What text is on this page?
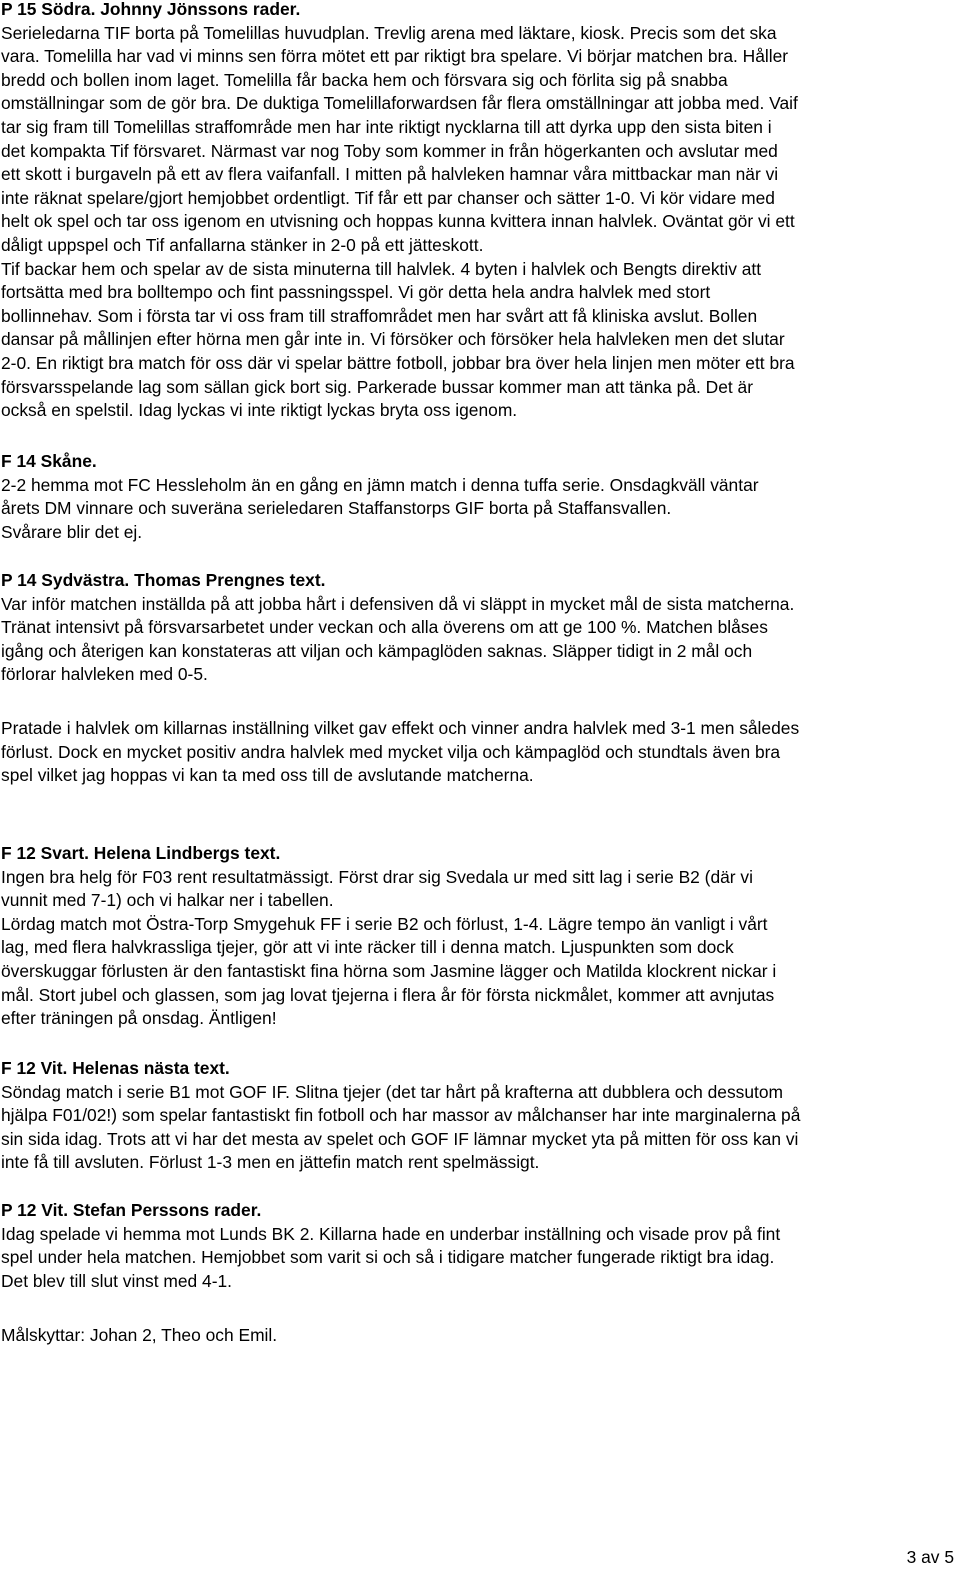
P 15 Södra. Johnny Jönssons rader.
Serieledarna TIF borta på Tomelillas huvudplan. Trevlig arena med läktare, kiosk. Precis som det ska
vara. Tomelilla har vad vi minns sen förra mötet ett par riktigt bra spelare. Vi börjar matchen bra. Håller
bredd och bollen inom laget. Tomelilla får backa hem och försvara sig och förlita sig på snabba
omställningar som de gör bra. De duktiga Tomelillaforwardsen får flera omställningar att jobba med. Vaif
tar sig fram till Tomelillas straffområde men har inte riktigt nycklarna till att dyrka upp den sista biten i
det kompakta Tif försvaret. Närmast var nog Toby som kommer in från högerkanten och avslutar med
ett skott i burgaveln på ett av flera vaifanfall. I mitten på halvleken hamnar våra mittbackar man när vi
inte räknat spelare/gjort hemjobbet ordentligt. Tif får ett par chanser och sätter 1-0. Vi kör vidare med
helt ok spel och tar oss igenom en utvisning och hoppas kunna kvittera innan halvlek. Oväntat gör vi ett
dåligt uppspel och Tif anfallarna stänker in 2-0 på ett jätteskott.
Tif backar hem och spelar av de sista minuterna till halvlek. 4 byten i halvlek och Bengts direktiv att
fortsätta med bra bolltempo och fint passningsspel. Vi gör detta hela andra halvlek med stort
bollinnehav. Som i första tar vi oss fram till straffområdet men har svårt att få kliniska avslut. Bollen
dansar på mållinjen efter hörna men går inte in. Vi försöker och försöker hela halvleken men det slutar
2-0. En riktigt bra match för oss där vi spelar bättre fotboll, jobbar bra över hela linjen men möter ett bra
försvarsspelande lag som sällan gick bort sig. Parkerade bussar kommer man att tänka på. Det är
också en spelstil. Idag lyckas vi inte riktigt lyckas bryta oss igenom.
F 14 Skåne.
2-2 hemma mot FC Hessleholm än en gång en jämn match i denna tuffa serie. Onsdagkväll väntar
årets DM vinnare och suveräna serieledaren Staffanstorps GIF borta på Staffansvallen.
Svårare blir det ej.
P 14 Sydvästra. Thomas Prengnes text.
Var inför matchen inställda på att jobba hårt i defensiven då vi släppt in mycket mål de sista matcherna.
Tränat intensivt på försvarsarbetet under veckan och alla överens om att ge 100 %. Matchen blåses
igång och återigen kan konstateras att viljan och kämpaglöden saknas. Släpper tidigt in 2 mål och
förlorar halvleken med 0-5.
Pratade i halvlek om killarnas inställning vilket gav effekt och vinner andra halvlek med 3-1 men således
förlust. Dock en mycket positiv andra halvlek med mycket vilja och kämpaglöd och stundtals även bra
spel vilket jag hoppas vi kan ta med oss till de avslutande matcherna.
F 12 Svart. Helena Lindbergs text.
Ingen bra helg för F03 rent resultatmässigt. Först drar sig Svedala ur med sitt lag i serie B2 (där vi
vunnit med 7-1) och vi halkar ner i tabellen.
Lördag match mot Östra-Torp Smygehuk FF i serie B2 och förlust, 1-4. Lägre tempo än vanligt i vårt
lag, med flera halvkrassliga tjejer, gör att vi inte räcker till i denna match. Ljuspunkten som dock
överskuggar förlusten är den fantastiskt fina hörna som Jasmine lägger och Matilda klockrent nickar i
mål. Stort jubel och glassen, som jag lovat tjejerna i flera år för första nickmålet, kommer att avnjutas
efter träningen på onsdag. Äntligen!
F 12 Vit. Helenas nästa text.
Söndag match i serie B1 mot GOF IF. Slitna tjejer (det tar hårt på krafterna att dubblera och dessutom
hjälpa F01/02!) som spelar fantastiskt fin fotboll och har massor av målchanser har inte marginalerna på
sin sida idag. Trots att vi har det mesta av spelet och GOF IF lämnar mycket yta på mitten för oss kan vi
inte få till avsluten. Förlust 1-3 men en jättefin match rent spelmässigt.
P 12 Vit. Stefan Perssons rader.
Idag spelade vi hemma mot Lunds BK 2. Killarna hade en underbar inställning och visade prov på fint
spel under hela matchen. Hemjobbet som varit si och så i tidigare matcher fungerade riktigt bra idag.
Det blev till slut vinst med 4-1.
Målskyttar: Johan 2, Theo och Emil.
3 av 5
